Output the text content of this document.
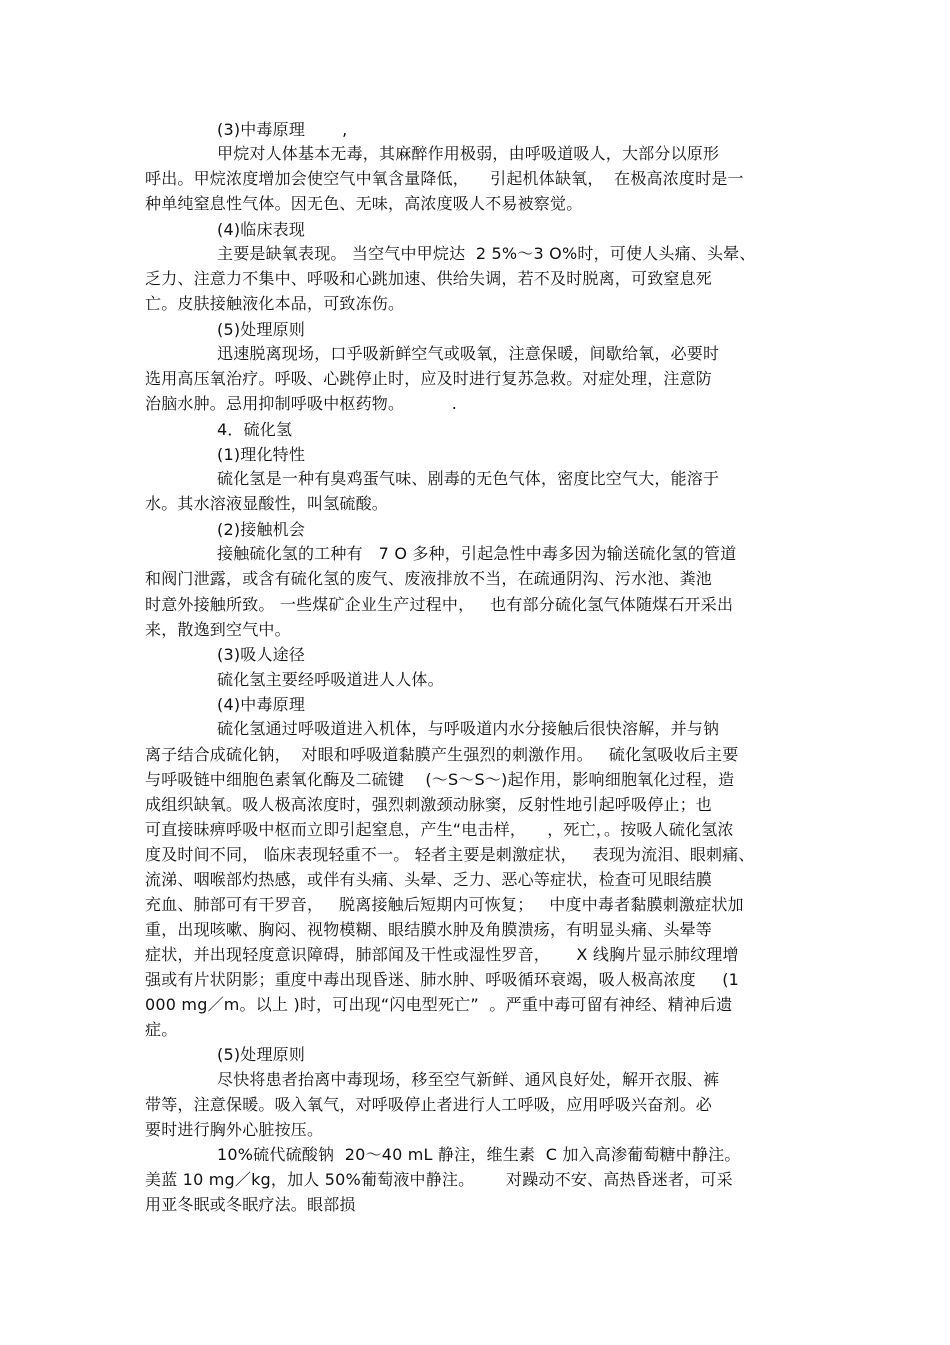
(3)中毒原理       ,
甲烷对人体基本无毒，其麻醉作用极弱，由呼吸道吸人，大部分以原形
呼出。甲烷浓度增加会使空气中氧含量降低，    引起机体缺氧，  在极高浓度时是一
种单纯窒息性气体。因无色、无味，高浓度吸人不易被察觉。
(4)临床表现
主要是缺氧表现。 当空气中甲烷达  2 5%～3 O%时，可使人头痛、头晕、
乏力、注意力不集中、呼吸和心跳加速、供给失调，若不及时脱离，可致窒息死
亡。皮肤接触液化本品，可致冻伤。
(5)处理原则
迅速脱离现场，口乎吸新鲜空气或吸氧，注意保暖，间歇给氧，必要时
选用高压氧治疗。呼吸、心跳停止时，应及时进行复苏急救。对症处理，注意防
治脑水肿。忌用抑制呼吸中枢药物。         .
4．硫化氢
(1)理化特性
硫化氢是一种有臭鸡蛋气味、剧毒的无色气体，密度比空气大，能溶于
水。其水溶液显酸性，叫氢硫酸。
(2)接触机会
接触硫化氢的工种有   7 O 多种，引起急性中毒多因为输送硫化氢的管道
和阀门泄露，或含有硫化氢的废气、废液排放不当，在疏通阴沟、污水池、粪池
时意外接触所致。 一些煤矿企业生产过程中，   也有部分硫化氢气体随煤石开采出
来，散逸到空气中。
(3)吸人途径
硫化氢主要经呼吸道进人人体。
(4)中毒原理
硫化氢通过呼吸道进入机体，与呼吸道内水分接触后很快溶解，并与钠
离子结合成硫化钠，  对眼和呼吸道黏膜产生强烈的刺激作用。   硫化氢吸收后主要
与呼吸链中细胞色素氧化酶及二硫键    (～S～S～)起作用，影响细胞氧化过程，造
成组织缺氧。吸人极高浓度时，强烈刺激颈动脉窦，反射性地引起呼吸停止；也
可直接昧痹呼吸中枢而立即引起窒息，产生“电击样，    ，死亡，。按吸人硫化氢浓
度及时间不同， 临床表现轻重不一。 轻者主要是刺激症状，   表现为流泪、眼刺痛、
流涕、咽喉部灼热感，或伴有头痛、头晕、乏力、恶心等症状，检查可见眼结膜
充血、肺部可有干罗音，   脱离接触后短期内可恢复；   中度中毒者黏膜刺激症状加
重，出现咳嗽、胸闷、视物模糊、眼结膜水肿及角膜溃疡，有明显头痛、头晕等
症状，并出现轻度意识障碍，肺部闻及干性或湿性罗音，     X 线胸片显示肺纹理增
强或有片状阴影；重度中毒出现昏迷、肺水肿、呼吸循环衰竭，吸人极高浓度     (1
000 mg／m。以上 )时，可出现“闪电型死亡”  。严重中毒可留有神经、精神后遗
症。
(5)处理原则
尽快将患者抬离中毒现场，移至空气新鲜、通风良好处，解开衣服、裤
带等，注意保暖。吸入氧气，对呼吸停止者进行人工呼吸，应用呼吸兴奋剂。必
要时进行胸外心脏按压。
10%硫代硫酸钠  20～40 mL 静注，维生素  C 加入高渗葡萄糖中静注。
美蓝 10 mg／kg，加人 50%葡萄液中静注。      对躁动不安、高热昏迷者，可采
用亚冬眠或冬眠疗法。眼部损
